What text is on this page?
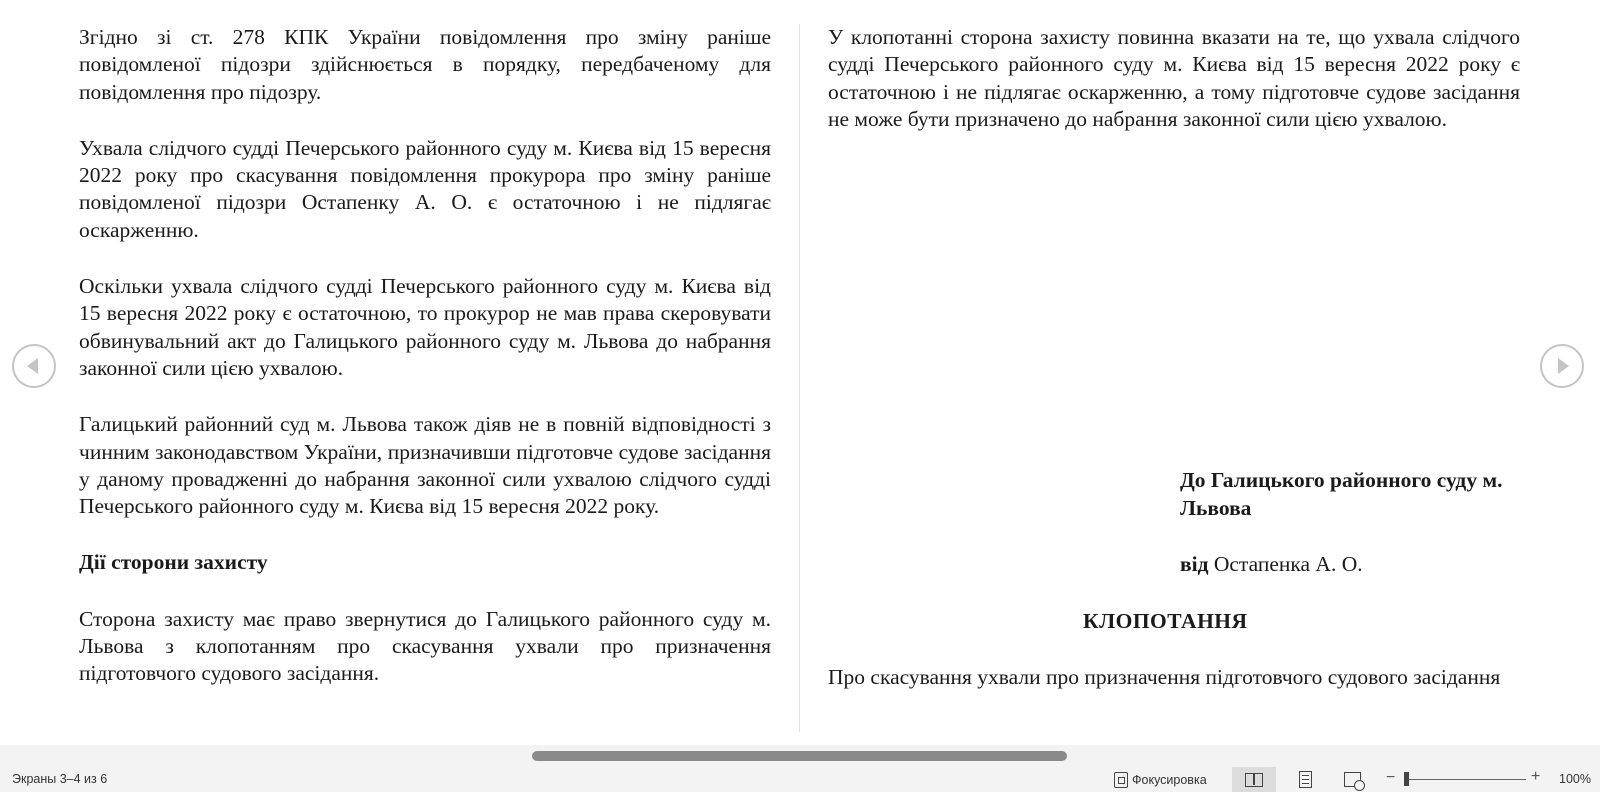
Згідно зі ст. 278 КПК України повідомлення про зміну раніше повідомленої підозри здійснюється в порядку, передбаченому для повідомлення про підозру.

Ухвала слідчого судді Печерського районного суду м. Києва від 15 вересня 2022 року про скасування повідомлення прокурора про зміну раніше повідомленої підозри Остапенку А. О. є остаточною і не підлягає оскарженню.

Оскільки ухвала слідчого судді Печерського районного суду м. Києва від 15 вересня 2022 року є остаточною, то прокурор не мав права скеровувати обвинувальний акт до Галицького районного суду м. Львова до набрання законної сили цією ухвалою.

Галицький районний суд м. Львова також діяв не в повній відповідності з чинним законодавством України, призначивши підготовче судове засідання у даному провадженні до набрання законної сили ухвалою слідчого судді Печерського районного суду м. Києва від 15 вересня 2022 року.

Дії сторони захисту

Сторона захисту має право звернутися до Галицького районного суду м. Львова з клопотанням про скасування ухвали про призначення підготовчого судового засідання.

У клопотанні сторона захисту повинна вказати на те, що ухвала слідчого судді Печерського районного суду м. Києва від 15 вересня 2022 року є остаточною і не підлягає оскарженню, а тому підготовче судове засідання не може бути призначено до набрання законної сили цією ухвалою.

До Галицького районного суду м. Львова
від Остапенка А. О.
КЛОПОТАННЯ
Про скасування ухвали про призначення підготовчого судового засідання
Экраны 3–4 из 6	Фокусировка	−	+ 100%
